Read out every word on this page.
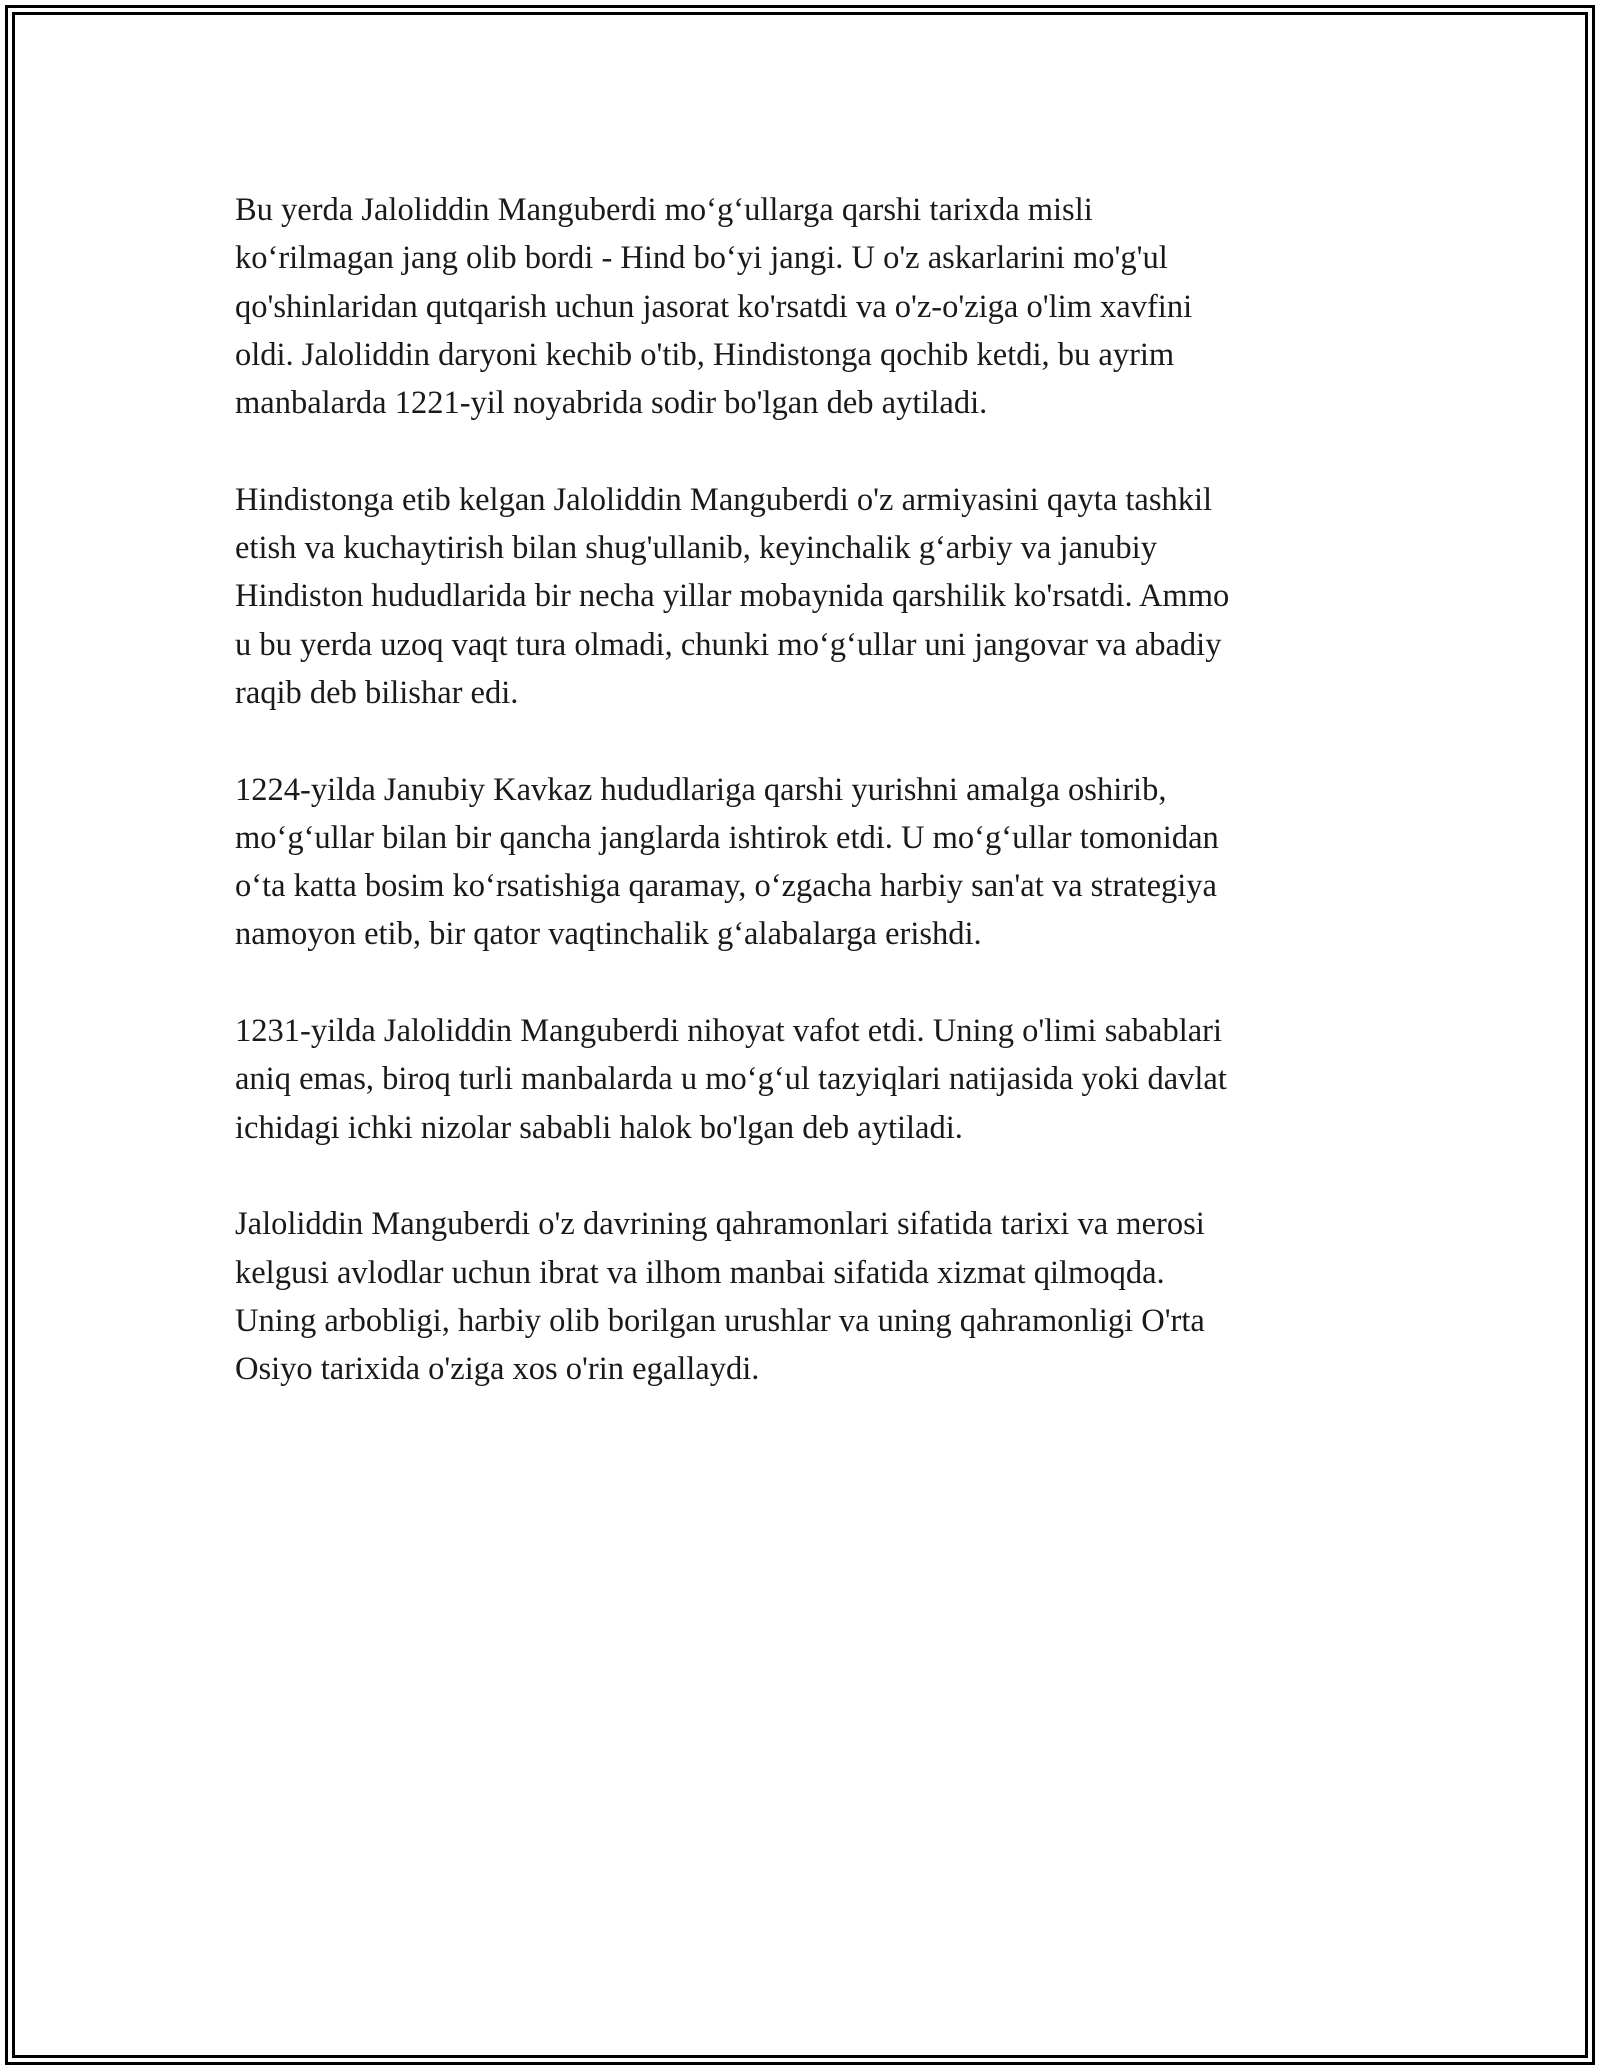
Bu yerda Jaloliddin Manguberdi mo‘g‘ullarga qarshi tarixda misli
ko‘rilmagan jang olib bordi - Hind bo‘yi jangi. U o'z askarlarini mo'g'ul
qo'shinlaridan qutqarish uchun jasorat ko'rsatdi va o'z-o'ziga o'lim xavfini
oldi. Jaloliddin daryoni kechib o'tib, Hindistonga qochib ketdi, bu ayrim
manbalarda 1221-yil noyabrida sodir bo'lgan deb aytiladi.

Hindistonga etib kelgan Jaloliddin Manguberdi o'z armiyasini qayta tashkil
etish va kuchaytirish bilan shug'ullanib, keyinchalik g‘arbiy va janubiy
Hindiston hududlarida bir necha yillar mobaynida qarshilik ko'rsatdi. Ammo
u bu yerda uzoq vaqt tura olmadi, chunki mo‘g‘ullar uni jangovar va abadiy
raqib deb bilishar edi.

1224-yilda Janubiy Kavkaz hududlariga qarshi yurishni amalga oshirib,
mo‘g‘ullar bilan bir qancha janglarda ishtirok etdi. U mo‘g‘ullar tomonidan
o‘ta katta bosim ko‘rsatishiga qaramay, o‘zgacha harbiy san'at va strategiya
namoyon etib, bir qator vaqtinchalik g‘alabalarga erishdi.

1231-yilda Jaloliddin Manguberdi nihoyat vafot etdi. Uning o'limi sabablari
aniq emas, biroq turli manbalarda u mo‘g‘ul tazyiqlari natijasida yoki davlat
ichidagi ichki nizolar sababli halok bo'lgan deb aytiladi.

Jaloliddin Manguberdi o'z davrining qahramonlari sifatida tarixi va merosi
kelgusi avlodlar uchun ibrat va ilhom manbai sifatida xizmat qilmoqda.
Uning arbobligi, harbiy olib borilgan urushlar va uning qahramonligi O'rta
Osiyo tarixida o'ziga xos o'rin egallaydi.
